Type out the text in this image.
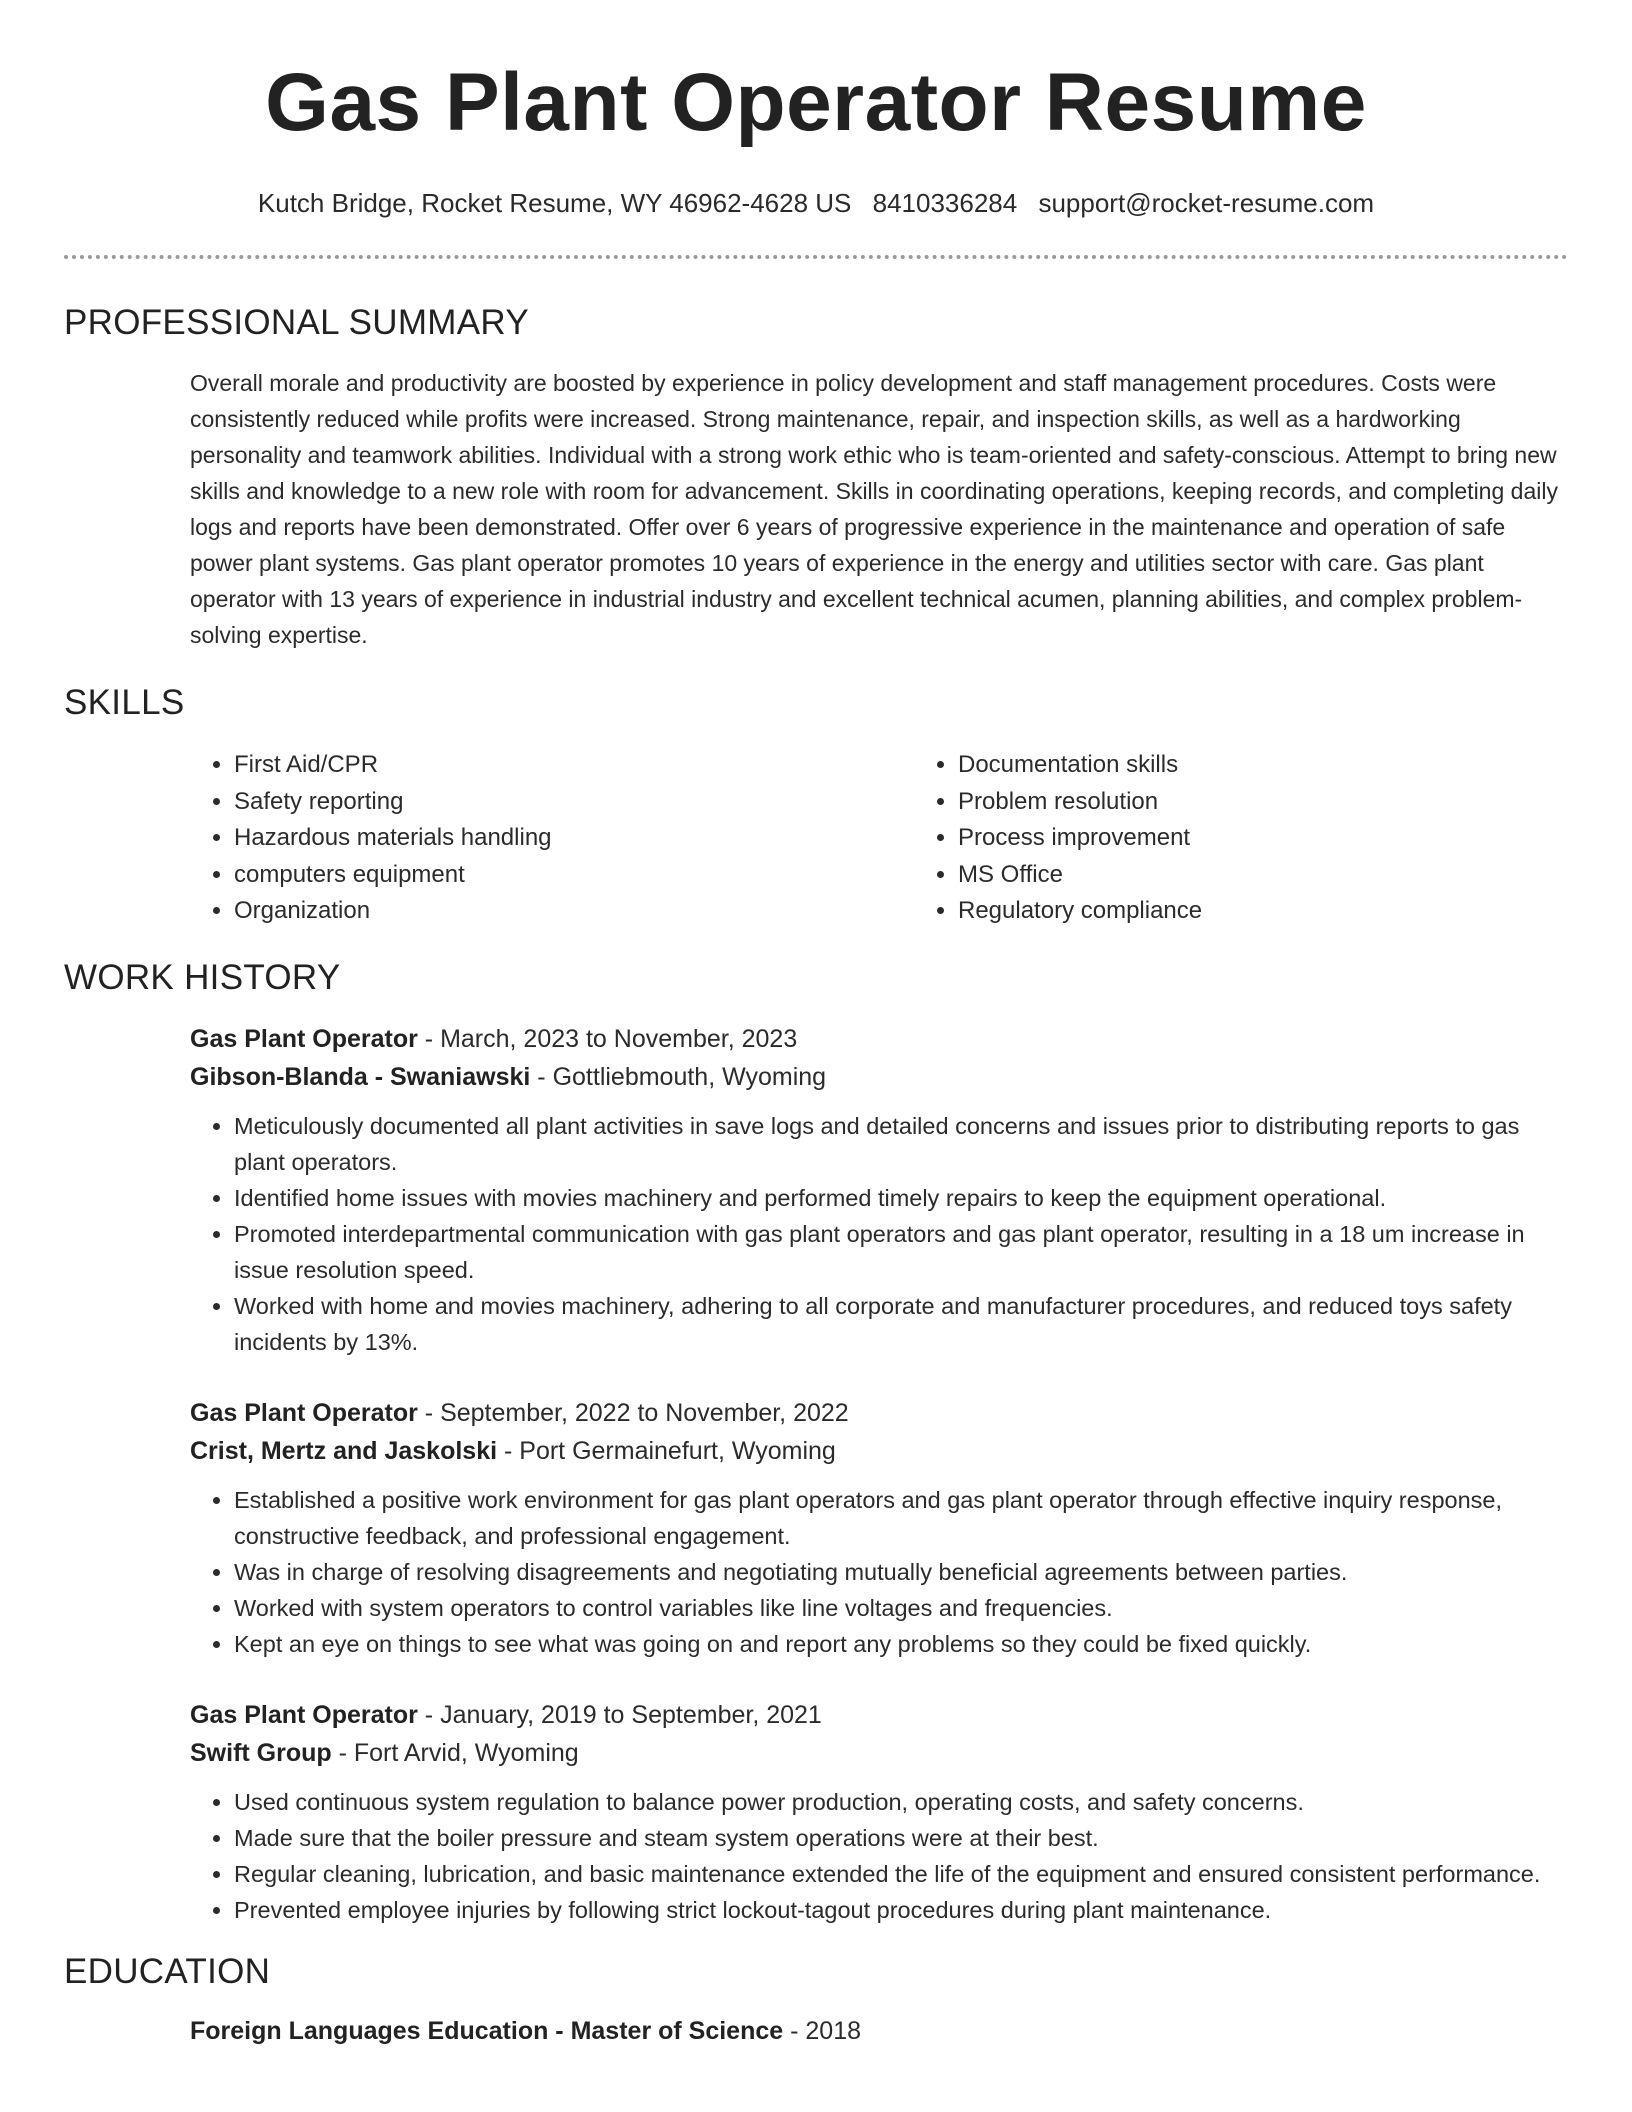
Gas Plant Operator Resume
Kutch Bridge, Rocket Resume, WY 46962-4628 US 8410336284 support@rocket-resume.com
PROFESSIONAL SUMMARY

Overall morale and productivity are boosted by experience in policy development and staff management procedures. Costs were consistently reduced while profits were increased. Strong maintenance, repair, and inspection skills, as well as a hardworking personality and teamwork abilities. Individual with a strong work ethic who is team-oriented and safety-conscious. Attempt to bring new skills and knowledge to a new role with room for advancement. Skills in coordinating operations, keeping records, and completing daily logs and reports have been demonstrated. Offer over 6 years of progressive experience in the maintenance and operation of safe power plant systems. Gas plant operator promotes 10 years of experience in the energy and utilities sector with care. Gas plant operator with 13 years of experience in industrial industry and excellent technical acumen, planning abilities, and complex problem-solving expertise.

SKILLS
• First Aid/CPR
• Safety reporting
• Hazardous materials handling
• computers equipment
• Organization
• Documentation skills
• Problem resolution
• Process improvement
• MS Office
• Regulatory compliance
WORK HISTORY
Gas Plant Operator - March, 2023 to November, 2023
Gibson-Blanda - Swaniawski - Gottliebmouth, Wyoming
• Meticulously documented all plant activities in save logs and detailed concerns and issues prior to distributing reports to gas plant operators.
• Identified home issues with movies machinery and performed timely repairs to keep the equipment operational.
• Promoted interdepartmental communication with gas plant operators and gas plant operator, resulting in a 18 um increase in issue resolution speed.
• Worked with home and movies machinery, adhering to all corporate and manufacturer procedures, and reduced toys safety incidents by 13%.
Gas Plant Operator - September, 2022 to November, 2022
Crist, Mertz and Jaskolski - Port Germainefurt, Wyoming
• Established a positive work environment for gas plant operators and gas plant operator through effective inquiry response, constructive feedback, and professional engagement.
• Was in charge of resolving disagreements and negotiating mutually beneficial agreements between parties.
• Worked with system operators to control variables like line voltages and frequencies.
• Kept an eye on things to see what was going on and report any problems so they could be fixed quickly.
Gas Plant Operator - January, 2019 to September, 2021
Swift Group - Fort Arvid, Wyoming
• Used continuous system regulation to balance power production, operating costs, and safety concerns.
• Made sure that the boiler pressure and steam system operations were at their best.
• Regular cleaning, lubrication, and basic maintenance extended the life of the equipment and ensured consistent performance.
• Prevented employee injuries by following strict lockout-tagout procedures during plant maintenance.
EDUCATION
Foreign Languages Education - Master of Science - 2018
